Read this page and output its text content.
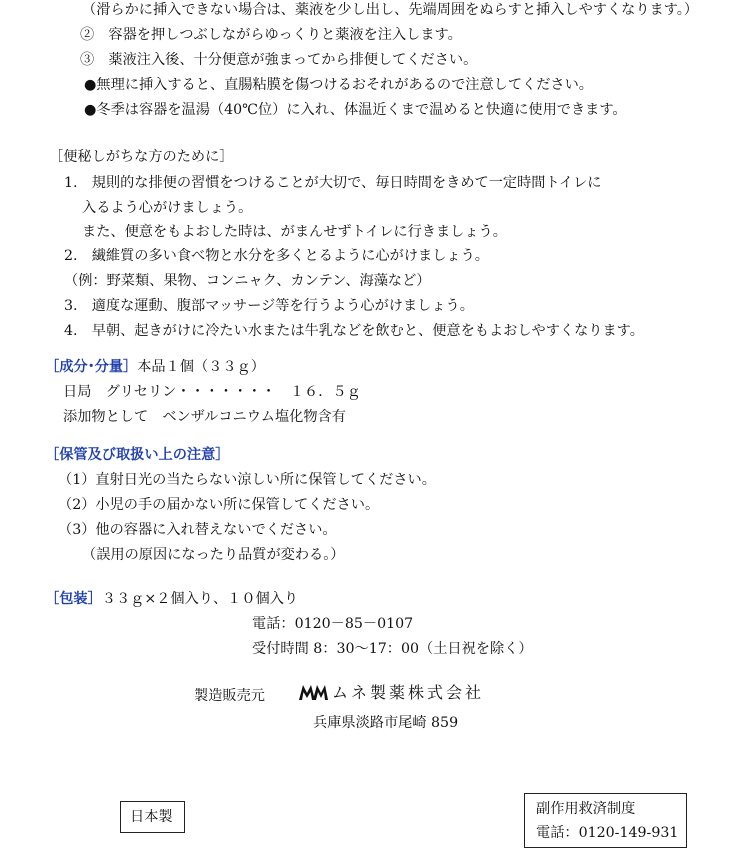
（滑らかに挿入できない場合は、薬液を少し出し、先端周囲をぬらすと挿入しやすくなります。）
②　容器を押しつぶしながらゆっくりと薬液を注入します。
③　薬液注入後、十分便意が強まってから排便してください。
●無理に挿入すると、直腸粘膜を傷つけるおそれがあるので注意してください。
●冬季は容器を温湯（40℃位）に入れ、体温近くまで温めると快適に使用できます。
［便秘しがちな方のために］
1.　規則的な排便の習慣をつけることが大切で、毎日時間をきめて一定時間トイレに
入るよう心がけましょう。
また、便意をもよおした時は、がまんせずトイレに行きましょう。
2.　繊維質の多い食べ物と水分を多くとるように心がけましょう。
（例：野菜類、果物、コンニャク、カンテン、海藻など）
3.　適度な運動、腹部マッサージ等を行うよう心がけましょう。
4.　早朝、起きがけに冷たい水または牛乳などを飲むと、便意をもよおしやすくなります。
［成分･分量］本品１個（３３ｇ）
日局　グリセリン・・・・・・・　１６．５ｇ
添加物として　ベンザルコニウム塩化物含有
［保管及び取扱い上の注意］
（1）直射日光の当たらない涼しい所に保管してください。
（2）小児の手の届かない所に保管してください。
（3）他の容器に入れ替えないでください。
（誤用の原因になったり品質が変わる。）
［包装］３３ｇ×２個入り、１０個入り
電話：0120－85－0107
受付時間 8：30～17：00（土日祝を除く）
製造販売元	ムネ製薬株式会社
兵庫県淡路市尾崎 859
日本製	副作用救済制度
電話：0120-149-931
